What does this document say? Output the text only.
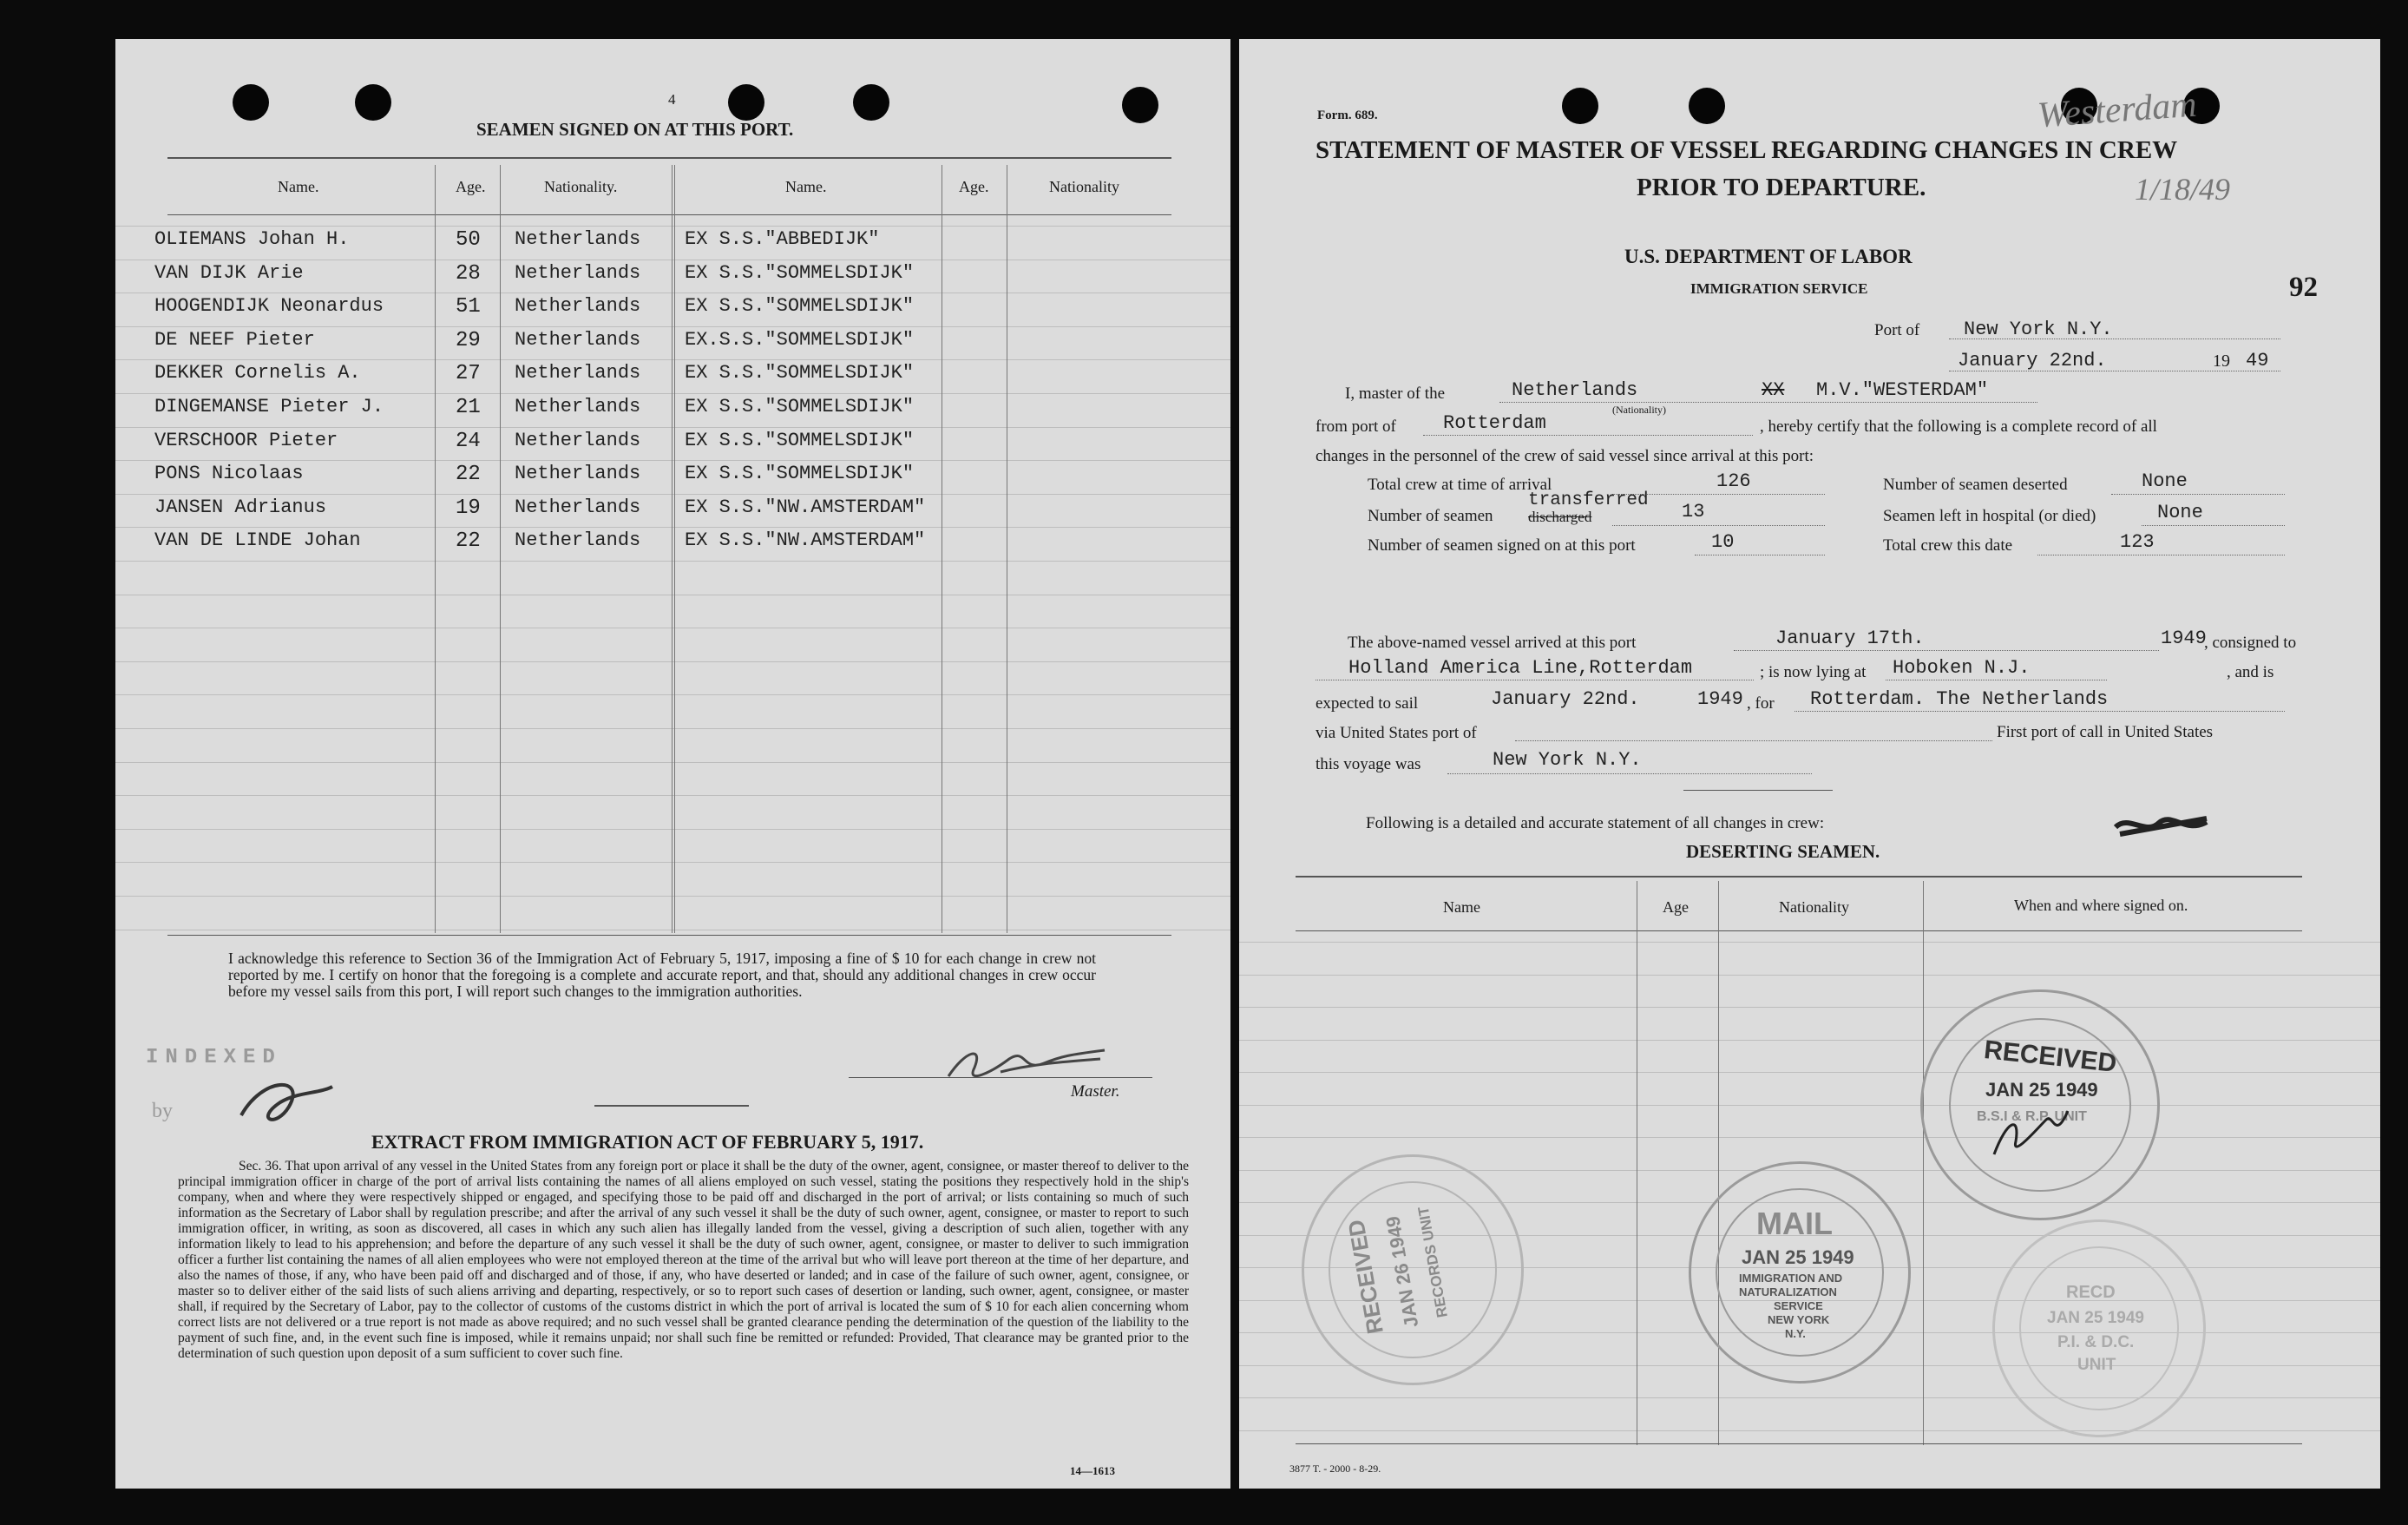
4
SEAMEN SIGNED ON AT THIS PORT.
Name.	Age.	Nationality.	Name.	Age.	Nationality
OLIEMANS Johan H.	50 Netherlands EX S.S."ABBEDIJK"
VAN DIJK Arie	28 Netherlands EX S.S."SOMMELSDIJK"
HOOGENDIJK Neonardus	51 Netherlands EX S.S."SOMMELSDIJK"
DE NEEF Pieter	29 Netherlands EX.S.S."SOMMELSDIJK"
DEKKER Cornelis A.	27 Netherlands EX S.S."SOMMELSDIJK"
DINGEMANSE Pieter J.	21 Netherlands EX S.S."SOMMELSDIJK"
VERSCHOOR Pieter	24 Netherlands EX S.S."SOMMELSDIJK"
PONS Nicolaas	22 Netherlands EX S.S."SOMMELSDIJK"
JANSEN Adrianus	19 Netherlands EX S.S."NW.AMSTERDAM"
VAN DE LINDE Johan	22 Netherlands EX S.S."NW.AMSTERDAM"
I acknowledge this reference to Section 36 of the Immigration Act of February 5, 1917, imposing a fine of $ 10 for each change in crew not reported by me. I certify on honor that the foregoing is a complete and accurate report, and that, should any additional changes in crew occur before my vessel sails from this port, I will report such changes to the immigration authorities.
INDEXED
by
Master.
EXTRACT FROM IMMIGRATION ACT OF FEBRUARY 5, 1917.
Sec. 36. That upon arrival of any vessel in the United States from any foreign port or place it shall be the duty of the owner, agent, consignee, or master thereof to deliver to the principal immigration officer in charge of the port of arrival lists containing the names of all aliens employed on such vessel, stating the positions they respectively hold in the ship's company, when and where they were respectively shipped or engaged, and specifying those to be paid off and discharged in the port of arrival; or lists containing so much of such information as the Secretary of Labor shall by regulation prescribe; and after the arrival of any such vessel it shall be the duty of such owner, agent, consignee, or master to report to such immigration officer, in writing, as soon as discovered, all cases in which any such alien has illegally landed from the vessel, giving a description of such alien, together with any information likely to lead to his apprehension; and before the departure of any such vessel it shall be the duty of such owner, agent, consignee, or master to deliver to such immigration officer a further list containing the names of all alien employees who were not employed thereon at the time of the arrival but who will leave port thereon at the time of her departure, and also the names of those, if any, who have been paid off and discharged and of those, if any, who have deserted or landed; and in case of the failure of such owner, agent, consignee, or master so to deliver either of the said lists of such aliens arriving and departing, respectively, or so to report such cases of desertion or landing, such owner, agent, consignee, or master shall, if required by the Secretary of Labor, pay to the collector of customs of the customs district in which the port of arrival is located the sum of $ 10 for each alien concerning whom correct lists are not delivered or a true report is not made as above required; and no such vessel shall be granted clearance pending the determination of the question of the liability to the payment of such fine, and, in the event such fine is imposed, while it remains unpaid; nor shall such fine be remitted or refunded: Provided, That clearance may be granted prior to the determination of such question upon deposit of a sum sufficient to cover such fine.
14—1613
Form. 689.	Westerdam
1/18/49
STATEMENT OF MASTER OF VESSEL REGARDING CHANGES IN CREW
PRIOR TO DEPARTURE.
U.S. DEPARTMENT OF LABOR
IMMIGRATION SERVICE	92
Port of New York N.Y.
January 22nd.	19 49
I, master of the	Netherlands	XX M.V."WESTERDAM"
(Nationality)
from port of Rotterdam	, hereby certify that the following is a complete record of all
changes in the personnel of the crew of said vessel since arrival at this port:
Total crew at time of arrival	126	Number of seamen deserted	None
Number of seamen
transferred
discharged	13	Seamen left in hospital (or died)	None
Number of seamen signed on at this port	10	Total crew this date	123
The above-named vessel arrived at this port	January 17th.	1949
, consigned to
Holland America Line,Rotterdam	; is now lying at Hoboken N.J.	, and is
expected to sail	January 22nd.	1949 , for Rotterdam. The Netherlands
via United States port of	First port of call in United States
this voyage was	New York N.Y.
Following is a detailed and accurate statement of all changes in crew:
DESERTING SEAMEN.
Name	Age	Nationality	When and where signed on.
RECEIVED
JAN 25 1949
B.S.I & R.P. UNIT
MAIL
JAN 25 1949
IMMIGRATION AND
NATURALIZATION
SERVICE
NEW YORK
N.Y.
RECEIVED
JAN 26 1949
RECORDS UNIT	RECD
JAN 25 1949
P.I. & D.C.
UNIT
3877 T. - 2000 - 8-29.
